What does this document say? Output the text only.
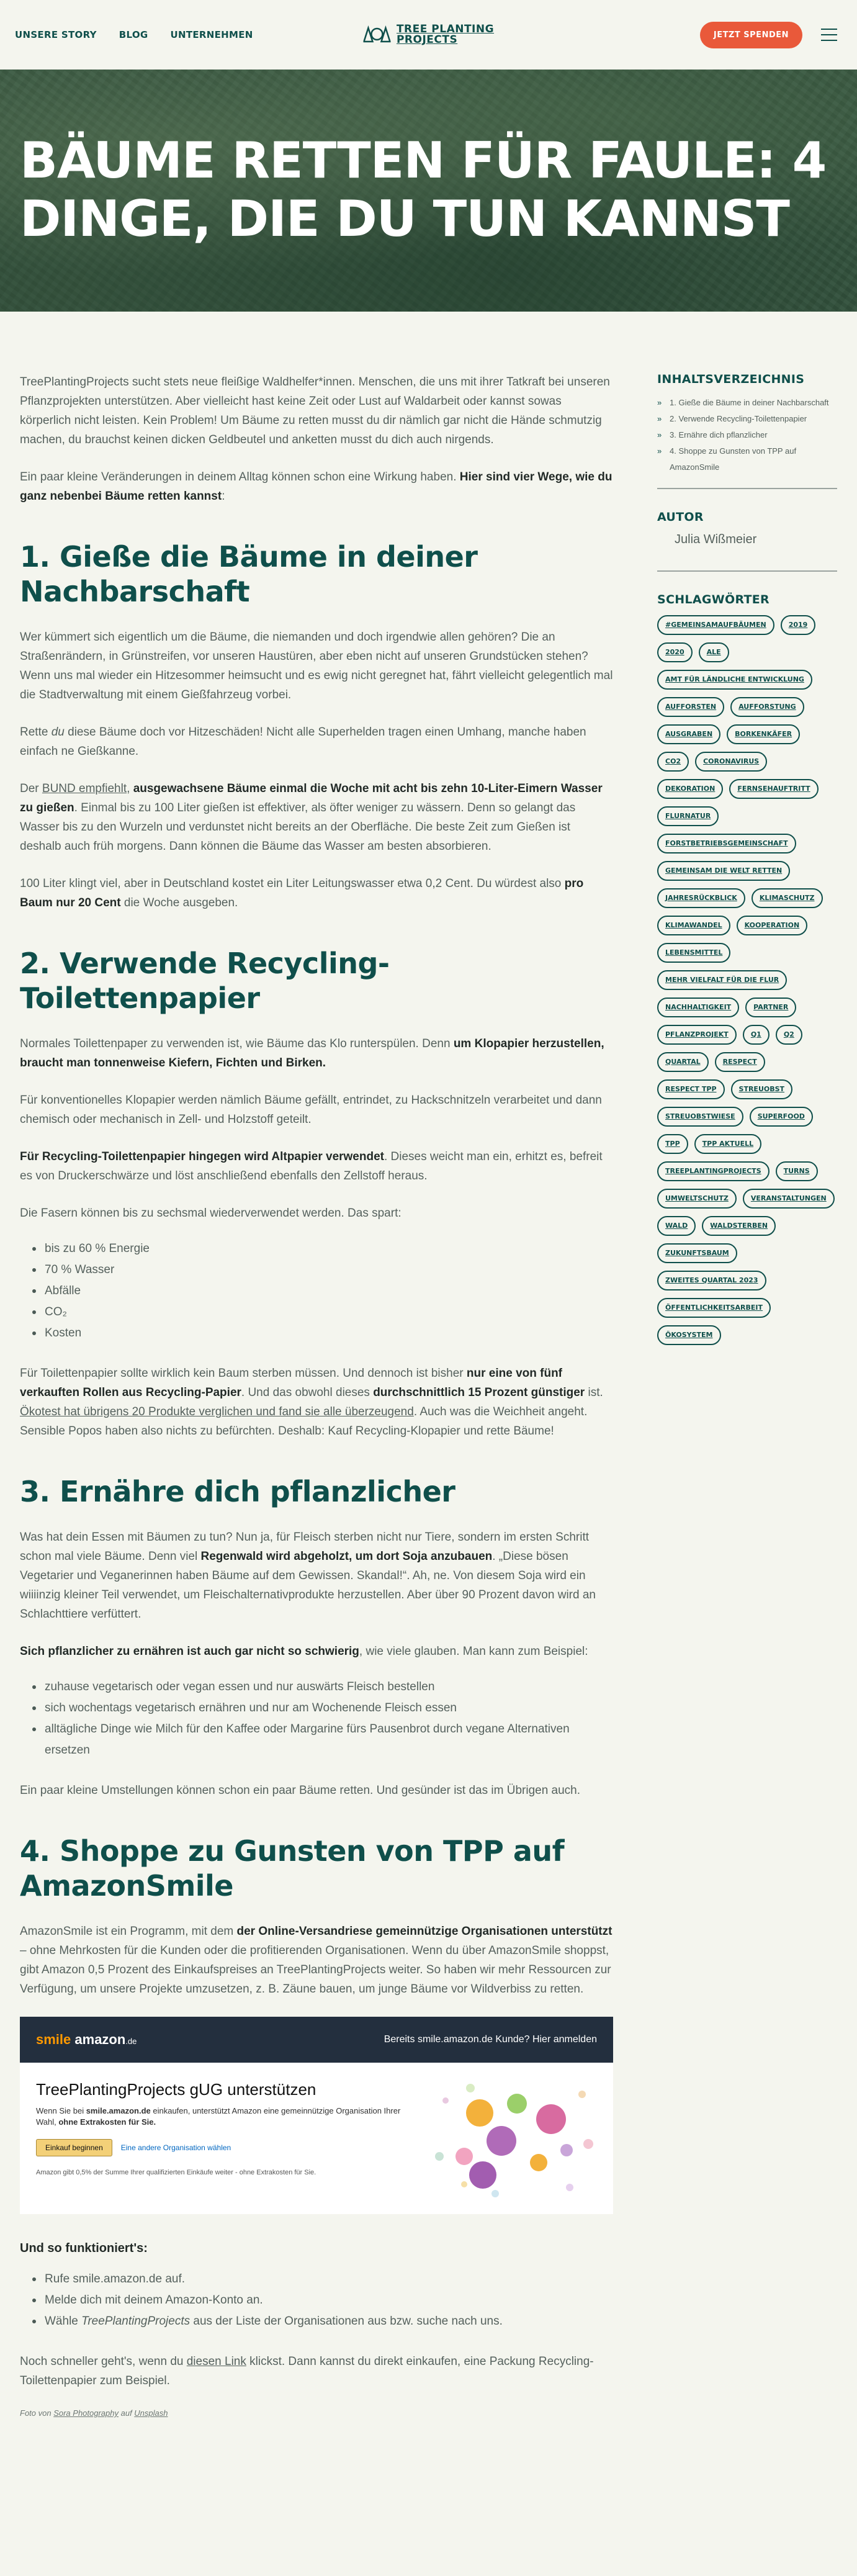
UNSERE STORY BLOG UNTERNEHMEN	TREE PLANTING
PROJECTS	JETZT SPENDEN
BÄUME RETTEN FÜR FAULE: 4 DINGE, DIE DU TUN KANNST

TreePlantingProjects sucht stets neue fleißige Waldhelfer*innen. Menschen, die uns mit ihrer Tatkraft bei unseren Pflanzprojekten unterstützen. Aber vielleicht hast keine Zeit oder Lust auf Waldarbeit oder kannst sowas körperlich nicht leisten. Kein Problem! Um Bäume zu retten musst du dir nämlich gar nicht die Hände schmutzig machen, du brauchst keinen dicken Geldbeutel und anketten musst du dich auch nirgends.

Ein paar kleine Veränderungen in deinem Alltag können schon eine Wirkung haben. Hier sind vier Wege, wie du ganz nebenbei Bäume retten kannst:

1. Gieße die Bäume in deiner Nachbarschaft

Wer kümmert sich eigentlich um die Bäume, die niemanden und doch irgendwie allen gehören? Die an Straßenrändern, in Grünstreifen, vor unseren Haustüren, aber eben nicht auf unseren Grundstücken stehen? Wenn uns mal wieder ein Hitzesommer heimsucht und es ewig nicht geregnet hat, fährt vielleicht gelegentlich mal die Stadtverwaltung mit einem Gießfahrzeug vorbei.

Rette du diese Bäume doch vor Hitzeschäden! Nicht alle Superhelden tragen einen Umhang, manche haben einfach ne Gießkanne.

Der BUND empfiehlt, ausgewachsene Bäume einmal die Woche mit acht bis zehn 10-Liter-Eimern Wasser zu gießen. Einmal bis zu 100 Liter gießen ist effektiver, als öfter weniger zu wässern. Denn so gelangt das Wasser bis zu den Wurzeln und verdunstet nicht bereits an der Oberfläche. Die beste Zeit zum Gießen ist deshalb auch früh morgens. Dann können die Bäume das Wasser am besten absorbieren.

100 Liter klingt viel, aber in Deutschland kostet ein Liter Leitungswasser etwa 0,2 Cent. Du würdest also pro Baum nur 20 Cent die Woche ausgeben.

2. Verwende Recycling-Toilettenpapier

Normales Toilettenpaper zu verwenden ist, wie Bäume das Klo runterspülen. Denn um Klopapier herzustellen, braucht man tonnenweise Kiefern, Fichten und Birken.

Für konventionelles Klopapier werden nämlich Bäume gefällt, entrindet, zu Hackschnitzeln verarbeitet und dann chemisch oder mechanisch in Zell- und Holzstoff geteilt.

Für Recycling-Toilettenpapier hingegen wird Altpapier verwendet. Dieses weicht man ein, erhitzt es, befreit es von Druckerschwärze und löst anschließend ebenfalls den Zellstoff heraus.

Die Fasern können bis zu sechsmal wiederverwendet werden. Das spart:

bis zu 60 % Energie
70 % Wasser
Abfälle
CO₂
Kosten

Für Toilettenpapier sollte wirklich kein Baum sterben müssen. Und dennoch ist bisher nur eine von fünf verkauften Rollen aus Recycling-Papier. Und das obwohl dieses durchschnittlich 15 Prozent günstiger ist. Ökotest hat übrigens 20 Produkte verglichen und fand sie alle überzeugend. Auch was die Weichheit angeht. Sensible Popos haben also nichts zu befürchten. Deshalb: Kauf Recycling-Klopapier und rette Bäume!

3. Ernähre dich pflanzlicher

Was hat dein Essen mit Bäumen zu tun? Nun ja, für Fleisch sterben nicht nur Tiere, sondern im ersten Schritt schon mal viele Bäume. Denn viel Regenwald wird abgeholzt, um dort Soja anzubauen. „Diese bösen Vegetarier und Veganerinnen haben Bäume auf dem Gewissen. Skandal!“. Ah, ne. Von diesem Soja wird ein wiiiinzig kleiner Teil verwendet, um Fleischalternativprodukte herzustellen. Aber über 90 Prozent davon wird an Schlachttiere verfüttert.

Sich pflanzlicher zu ernähren ist auch gar nicht so schwierig, wie viele glauben. Man kann zum Beispiel:

zuhause vegetarisch oder vegan essen und nur auswärts Fleisch bestellen
sich wochentags vegetarisch ernähren und nur am Wochenende Fleisch essen
alltägliche Dinge wie Milch für den Kaffee oder Margarine fürs Pausenbrot durch vegane Alternativen ersetzen

Ein paar kleine Umstellungen können schon ein paar Bäume retten. Und gesünder ist das im Übrigen auch.

4. Shoppe zu Gunsten von TPP auf AmazonSmile

AmazonSmile ist ein Programm, mit dem der Online-Versandriese gemeinnützige Organisationen unterstützt – ohne Mehrkosten für die Kunden oder die profitierenden Organisationen. Wenn du über AmazonSmile shoppst, gibt Amazon 0,5 Prozent des Einkaufspreises an TreePlantingProjects weiter. So haben wir mehr Ressourcen zur Verfügung, um unsere Projekte umzusetzen, z. B. Zäune bauen, um junge Bäume vor Wildverbiss zu retten.

smile amazon.de	Bereits smile.amazon.de Kunde? Hier anmelden
TreePlantingProjects gUG unterstützen
Wenn Sie bei smile.amazon.de einkaufen, unterstützt Amazon eine gemeinnützige Organisation Ihrer Wahl, ohne Extrakosten für Sie.
Einkauf beginnen	Eine andere Organisation wählen
Amazon gibt 0,5% der Summe Ihrer qualifizierten Einkäufe weiter - ohne Extrakosten für Sie.

Und so funktioniert's:

Rufe smile.amazon.de auf.
Melde dich mit deinem Amazon-Konto an.
Wähle TreePlantingProjects aus der Liste der Organisationen aus bzw. suche nach uns.

Noch schneller geht's, wenn du diesen Link klickst. Dann kannst du direkt einkaufen, eine Packung Recycling-Toilettenpapier zum Beispiel.

Foto von Sora Photography auf Unsplash

INHALTSVERZEICHNIS
» 1. Gieße die Bäume in deiner Nachbarschaft
» 2. Verwende Recycling-Toilettenpapier
» 3. Ernähre dich pflanzlicher
» 4. Shoppe zu Gunsten von TPP auf AmazonSmile
AUTOR
Julia Wißmeier
SCHLAGWÖRTER
#GEMEINSAMAUFBÄUMEN	2019
2020	ALE
AMT FÜR LÄNDLICHE ENTWICKLUNG
AUFFORSTEN	AUFFORSTUNG
AUSGRABEN	BORKENKÄFER
CO2	CORONAVIRUS
DEKORATION	FERNSEHAUFTRITT
FLURNATUR
FORSTBETRIEBSGEMEINSCHAFT
GEMEINSAM DIE WELT RETTEN
JAHRESRÜCKBLICK	KLIMASCHUTZ
KLIMAWANDEL	KOOPERATION
LEBENSMITTEL
MEHR VIELFALT FÜR DIE FLUR
NACHHALTIGKEIT	PARTNER
PFLANZPROJEKT	Q1	Q2
QUARTAL	RESPECT
RESPECT TPP	STREUOBST
STREUOBSTWIESE	SUPERFOOD
TPP	TPP AKTUELL
TREEPLANTINGPROJECTS	TURNS
UMWELTSCHUTZ	VERANSTALTUNGEN
WALD	WALDSTERBEN
ZUKUNFTSBAUM
ZWEITES QUARTAL 2023
ÖFFENTLICHKEITSARBEIT
ÖKOSYSTEM
